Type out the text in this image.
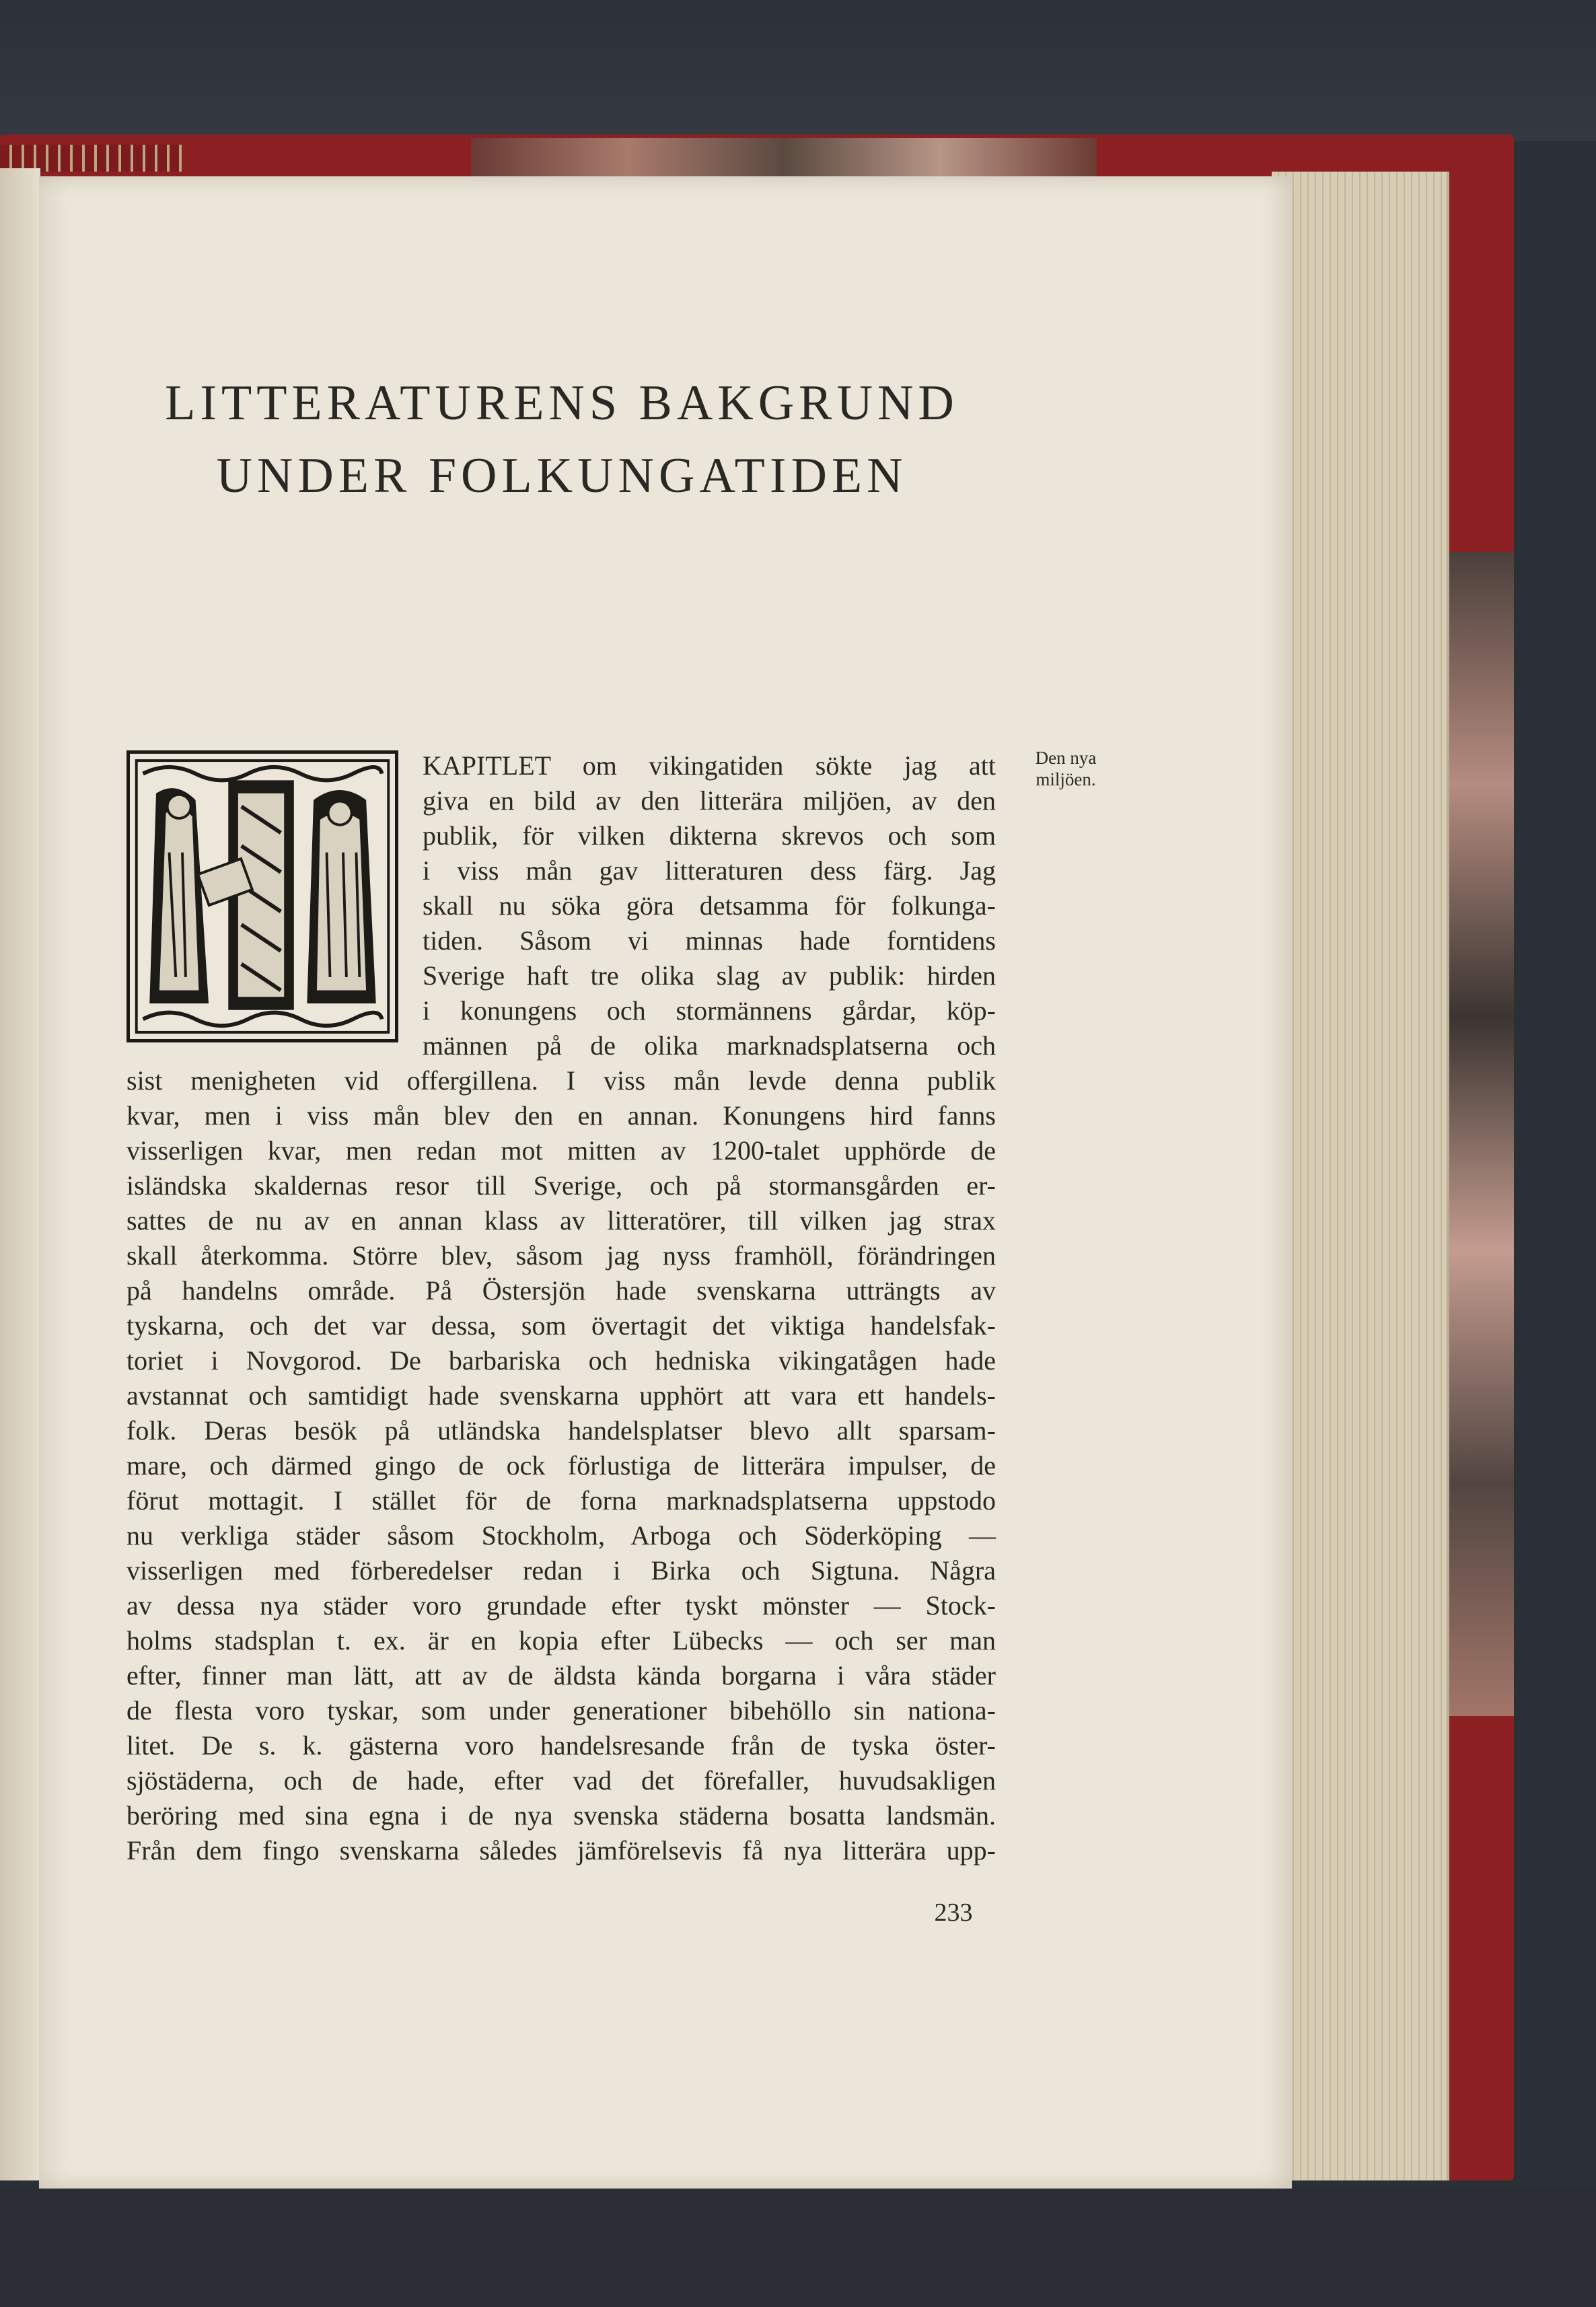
LITTERATURENS BAKGRUND
UNDER FOLKUNGATIDEN
KAPITLET om vikingatiden sökte jag att
giva en bild av den litterära miljöen, av den
publik, för vilken dikterna skrevos och som
i viss mån gav litteraturen dess färg. Jag
skall nu söka göra detsamma för folkunga-
tiden. Såsom vi minnas hade forntidens
Sverige haft tre olika slag av publik: hirden
i konungens och stormännens gårdar, köp-
männen på de olika marknadsplatserna och
sist menigheten vid offergillena. I viss mån levde denna publik
kvar, men i viss mån blev den en annan. Konungens hird fanns
visserligen kvar, men redan mot mitten av 1200-talet upphörde de
isländska skaldernas resor till Sverige, och på stormansgården er-
sattes de nu av en annan klass av litteratörer, till vilken jag strax
skall återkomma. Större blev, såsom jag nyss framhöll, förändringen
på handelns område. På Östersjön hade svenskarna utträngts av
tyskarna, och det var dessa, som övertagit det viktiga handelsfak-
toriet i Novgorod. De barbariska och hedniska vikingatågen hade
avstannat och samtidigt hade svenskarna upphört att vara ett handels-
folk. Deras besök på utländska handelsplatser blevo allt sparsam-
mare, och därmed gingo de ock förlustiga de litterära impulser, de
förut mottagit. I stället för de forna marknadsplatserna uppstodo
nu verkliga städer såsom Stockholm, Arboga och Söderköping —
visserligen med förberedelser redan i Birka och Sigtuna. Några
av dessa nya städer voro grundade efter tyskt mönster — Stock-
holms stadsplan t. ex. är en kopia efter Lübecks — och ser man
efter, finner man lätt, att av de äldsta kända borgarna i våra städer
de flesta voro tyskar, som under generationer bibehöllo sin nationa-
litet. De s. k. gästerna voro handelsresande från de tyska öster-
sjöstäderna, och de hade, efter vad det förefaller, huvudsakligen
beröring med sina egna i de nya svenska städerna bosatta landsmän.
Från dem fingo svenskarna således jämförelsevis få nya litterära upp-
Den nya
miljöen.
233
